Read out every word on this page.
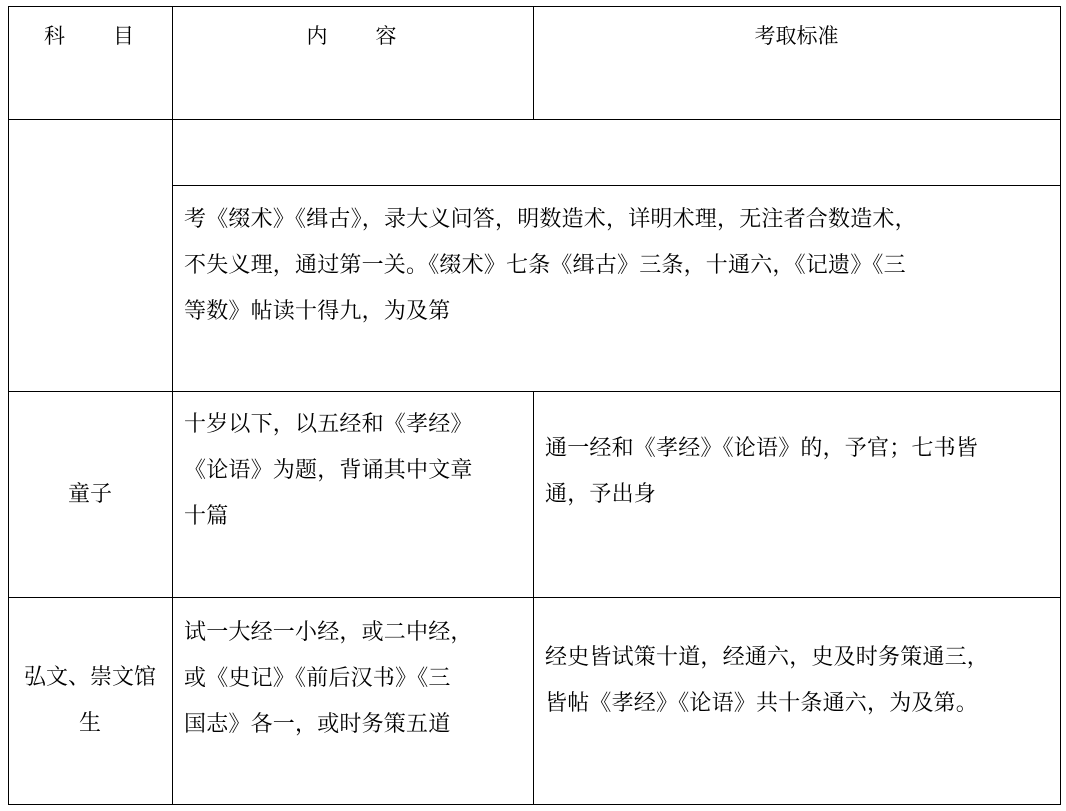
科　　目	内　　容	考取标准
考《缀术》《缉古》，录大义问答，明数造术，详明术理，无注者合数造术，
不失义理，通过第一关。《缀术》七条《缉古》三条，十通六，《记遗》《三
等数》帖读十得九，为及第
童子
十岁以下，以五经和《孝经》
《论语》为题，背诵其中文章
十篇
通一经和《孝经》《论语》的，予官；七书皆
通，予出身
弘文、崇文馆
生
试一大经一小经，或二中经，
或《史记》《前后汉书》《三
国志》各一，或时务策五道
经史皆试策十道，经通六，史及时务策通三，
皆帖《孝经》《论语》共十条通六，为及第。
